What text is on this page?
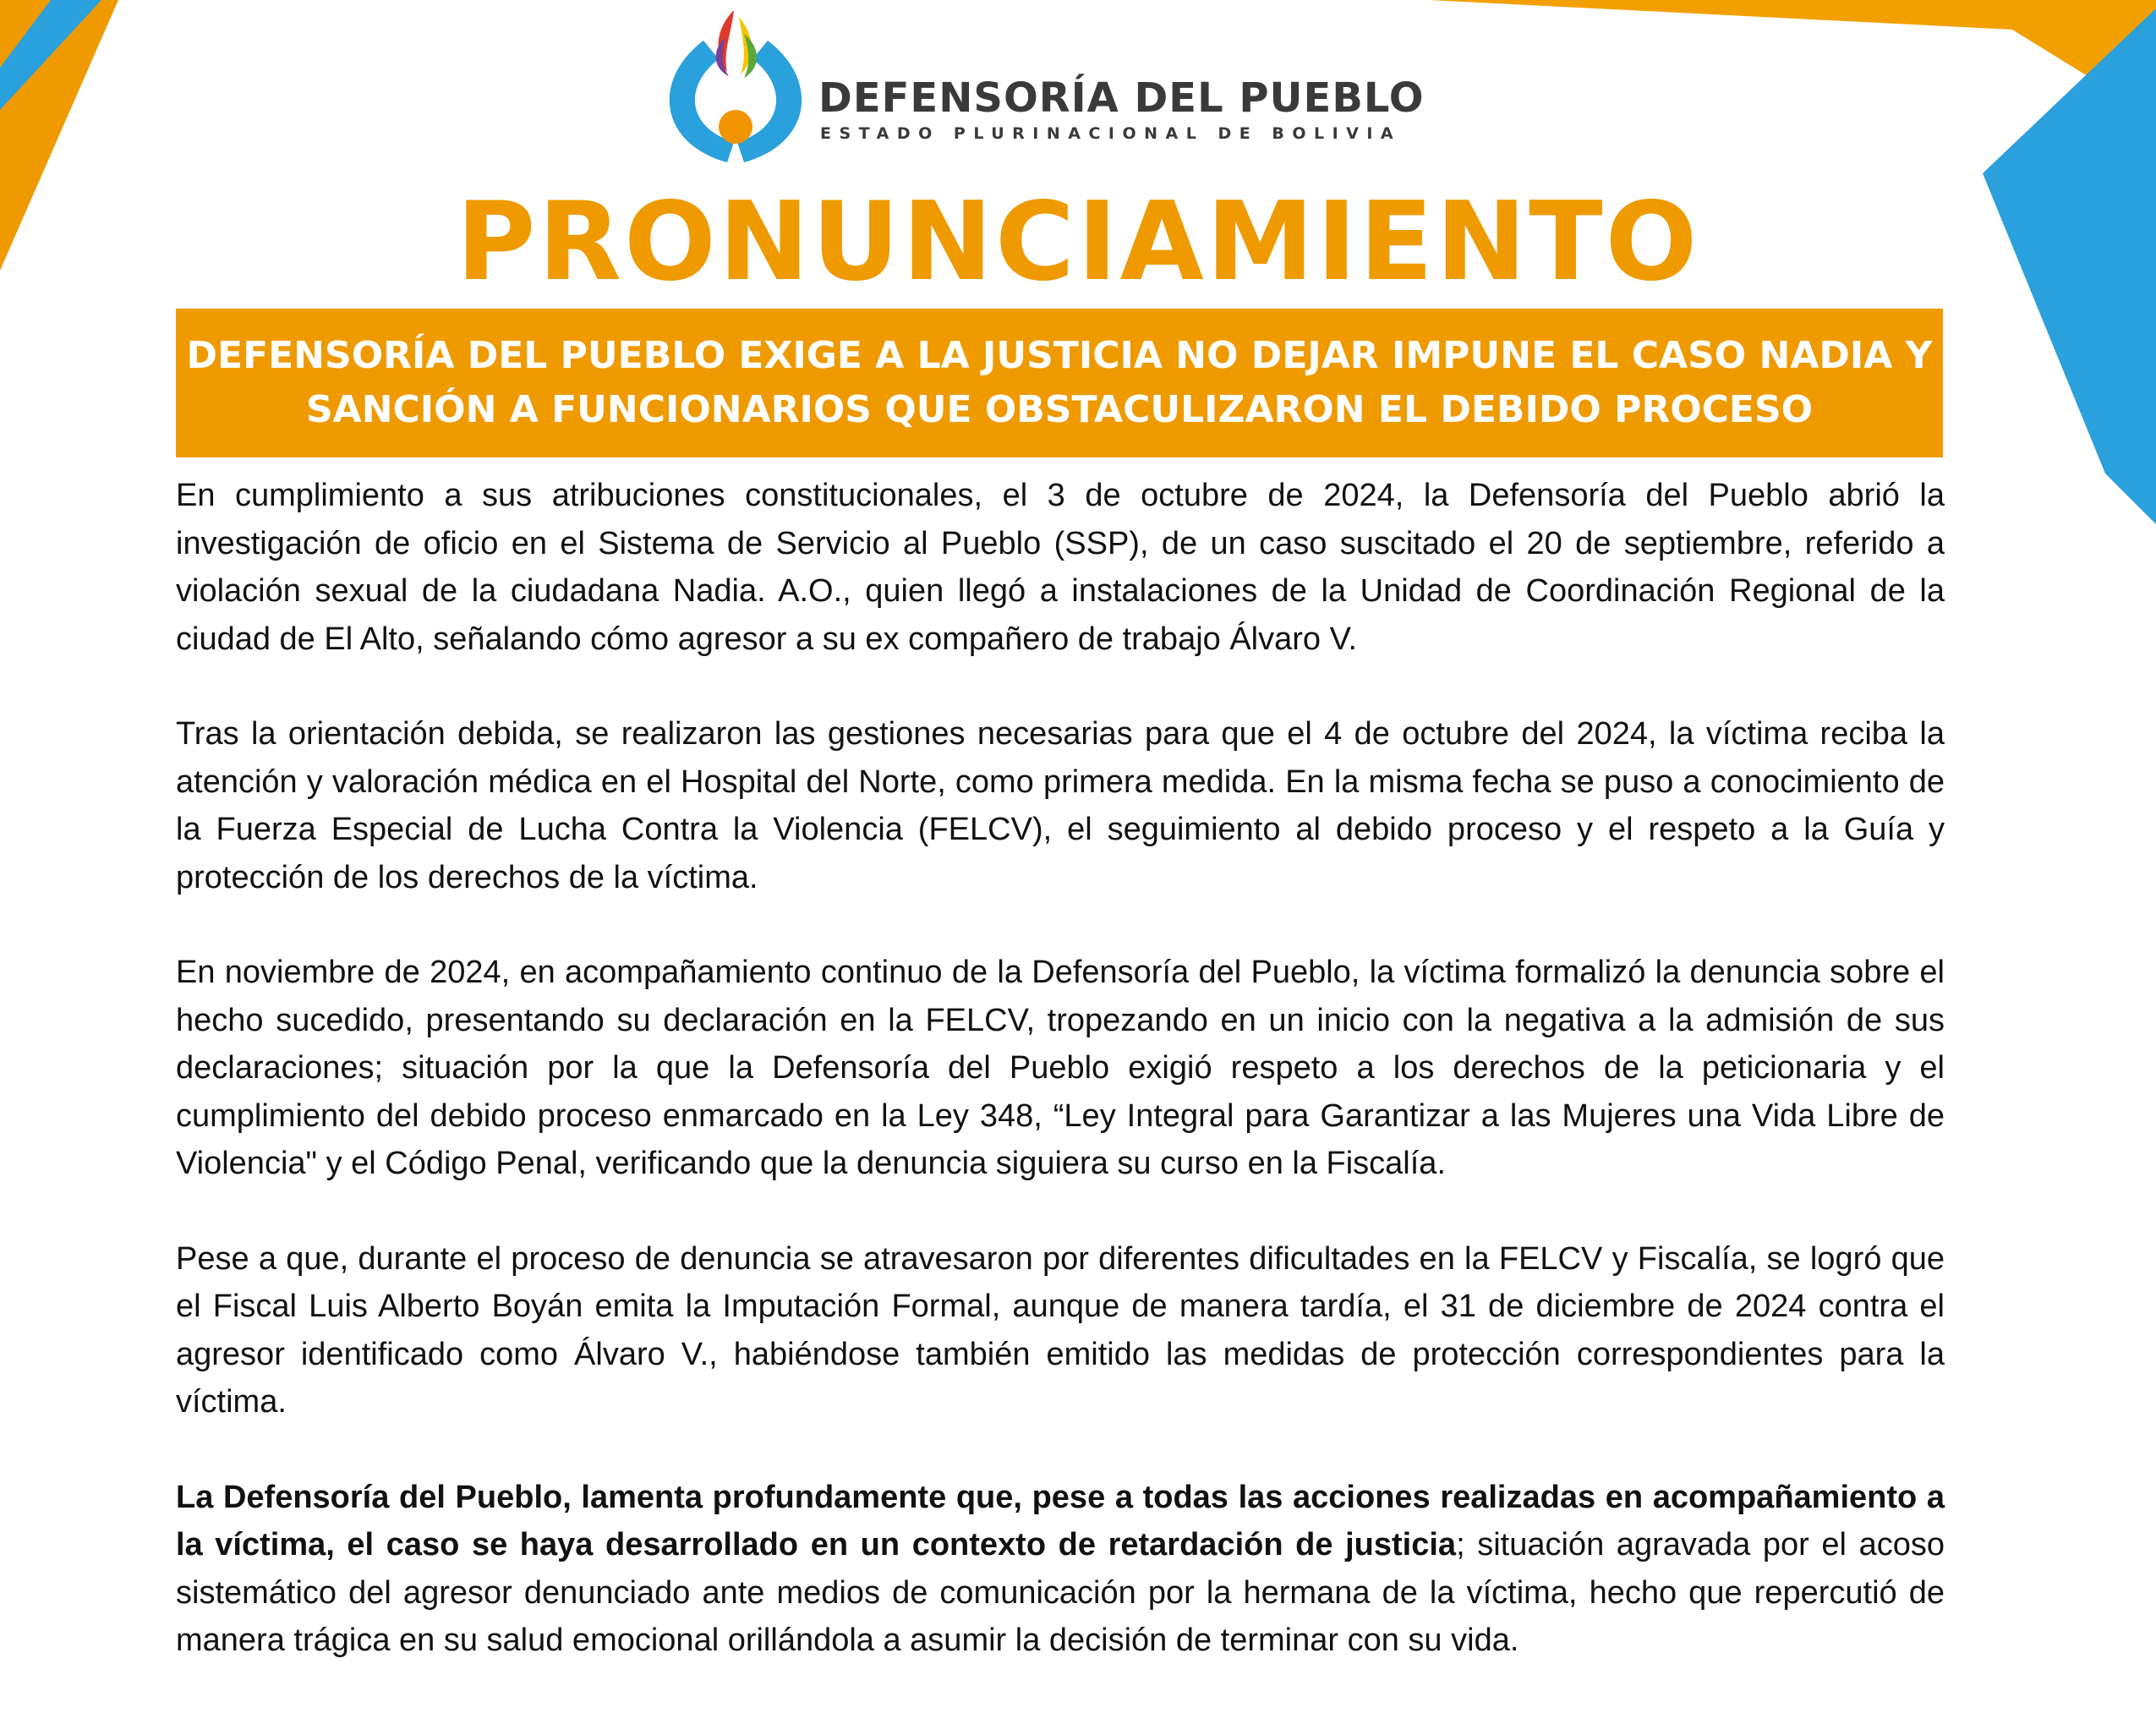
DEFENSORÍA DEL PUEBLO
ESTADO PLURINACIONAL DE BOLIVIA
PRONUNCIAMIENTO
DEFENSORÍA DEL PUEBLO EXIGE A LA JUSTICIA NO DEJAR IMPUNE EL CASO NADIA Y
SANCIÓN A FUNCIONARIOS QUE OBSTACULIZARON EL DEBIDO PROCESO

En cumplimiento a sus atribuciones constitucionales, el 3 de octubre de 2024, la Defensoría del Pueblo abrió la investigación de oficio en el Sistema de Servicio al Pueblo (SSP), de un caso suscitado el 20 de septiembre, referido a violación sexual de la ciudadana Nadia. A.O., quien llegó a instalaciones de la Unidad de Coordinación Regional de la ciudad de El Alto, señalando cómo agresor a su ex compañero de trabajo Álvaro V.

Tras la orientación debida, se realizaron las gestiones necesarias para que el 4 de octubre del 2024, la víctima reciba la atención y valoración médica en el Hospital del Norte, como primera medida. En la misma fecha se puso a conocimiento de la Fuerza Especial de Lucha Contra la Violencia (FELCV), el seguimiento al debido proceso y el respeto a la Guía y protección de los derechos de la víctima.

En noviembre de 2024, en acompañamiento continuo de la Defensoría del Pueblo, la víctima formalizó la denuncia sobre el hecho sucedido, presentando su declaración en la FELCV, tropezando en un inicio con la negativa a la admisión de sus declaraciones; situación por la que la Defensoría del Pueblo exigió respeto a los derechos de la peticionaria y el cumplimiento del debido proceso enmarcado en la Ley 348, “Ley Integral para Garantizar a las Mujeres una Vida Libre de Violencia" y el Código Penal, verificando que la denuncia siguiera su curso en la Fiscalía.

Pese a que, durante el proceso de denuncia se atravesaron por diferentes dificultades en la FELCV y Fiscalía, se logró que el Fiscal Luis Alberto Boyán emita la Imputación Formal, aunque de manera tardía, el 31 de diciembre de 2024 contra el agresor identificado como Álvaro V., habiéndose también emitido las medidas de protección correspondientes para la víctima.

La Defensoría del Pueblo, lamenta profundamente que, pese a todas las acciones realizadas en acompañamiento a la víctima, el caso se haya desarrollado en un contexto de retardación de justicia; situación agravada por el acoso sistemático del agresor denunciado ante medios de comunicación por la hermana de la víctima, hecho que repercutió de manera trágica en su salud emocional orillándola a asumir la decisión de terminar con su vida.
